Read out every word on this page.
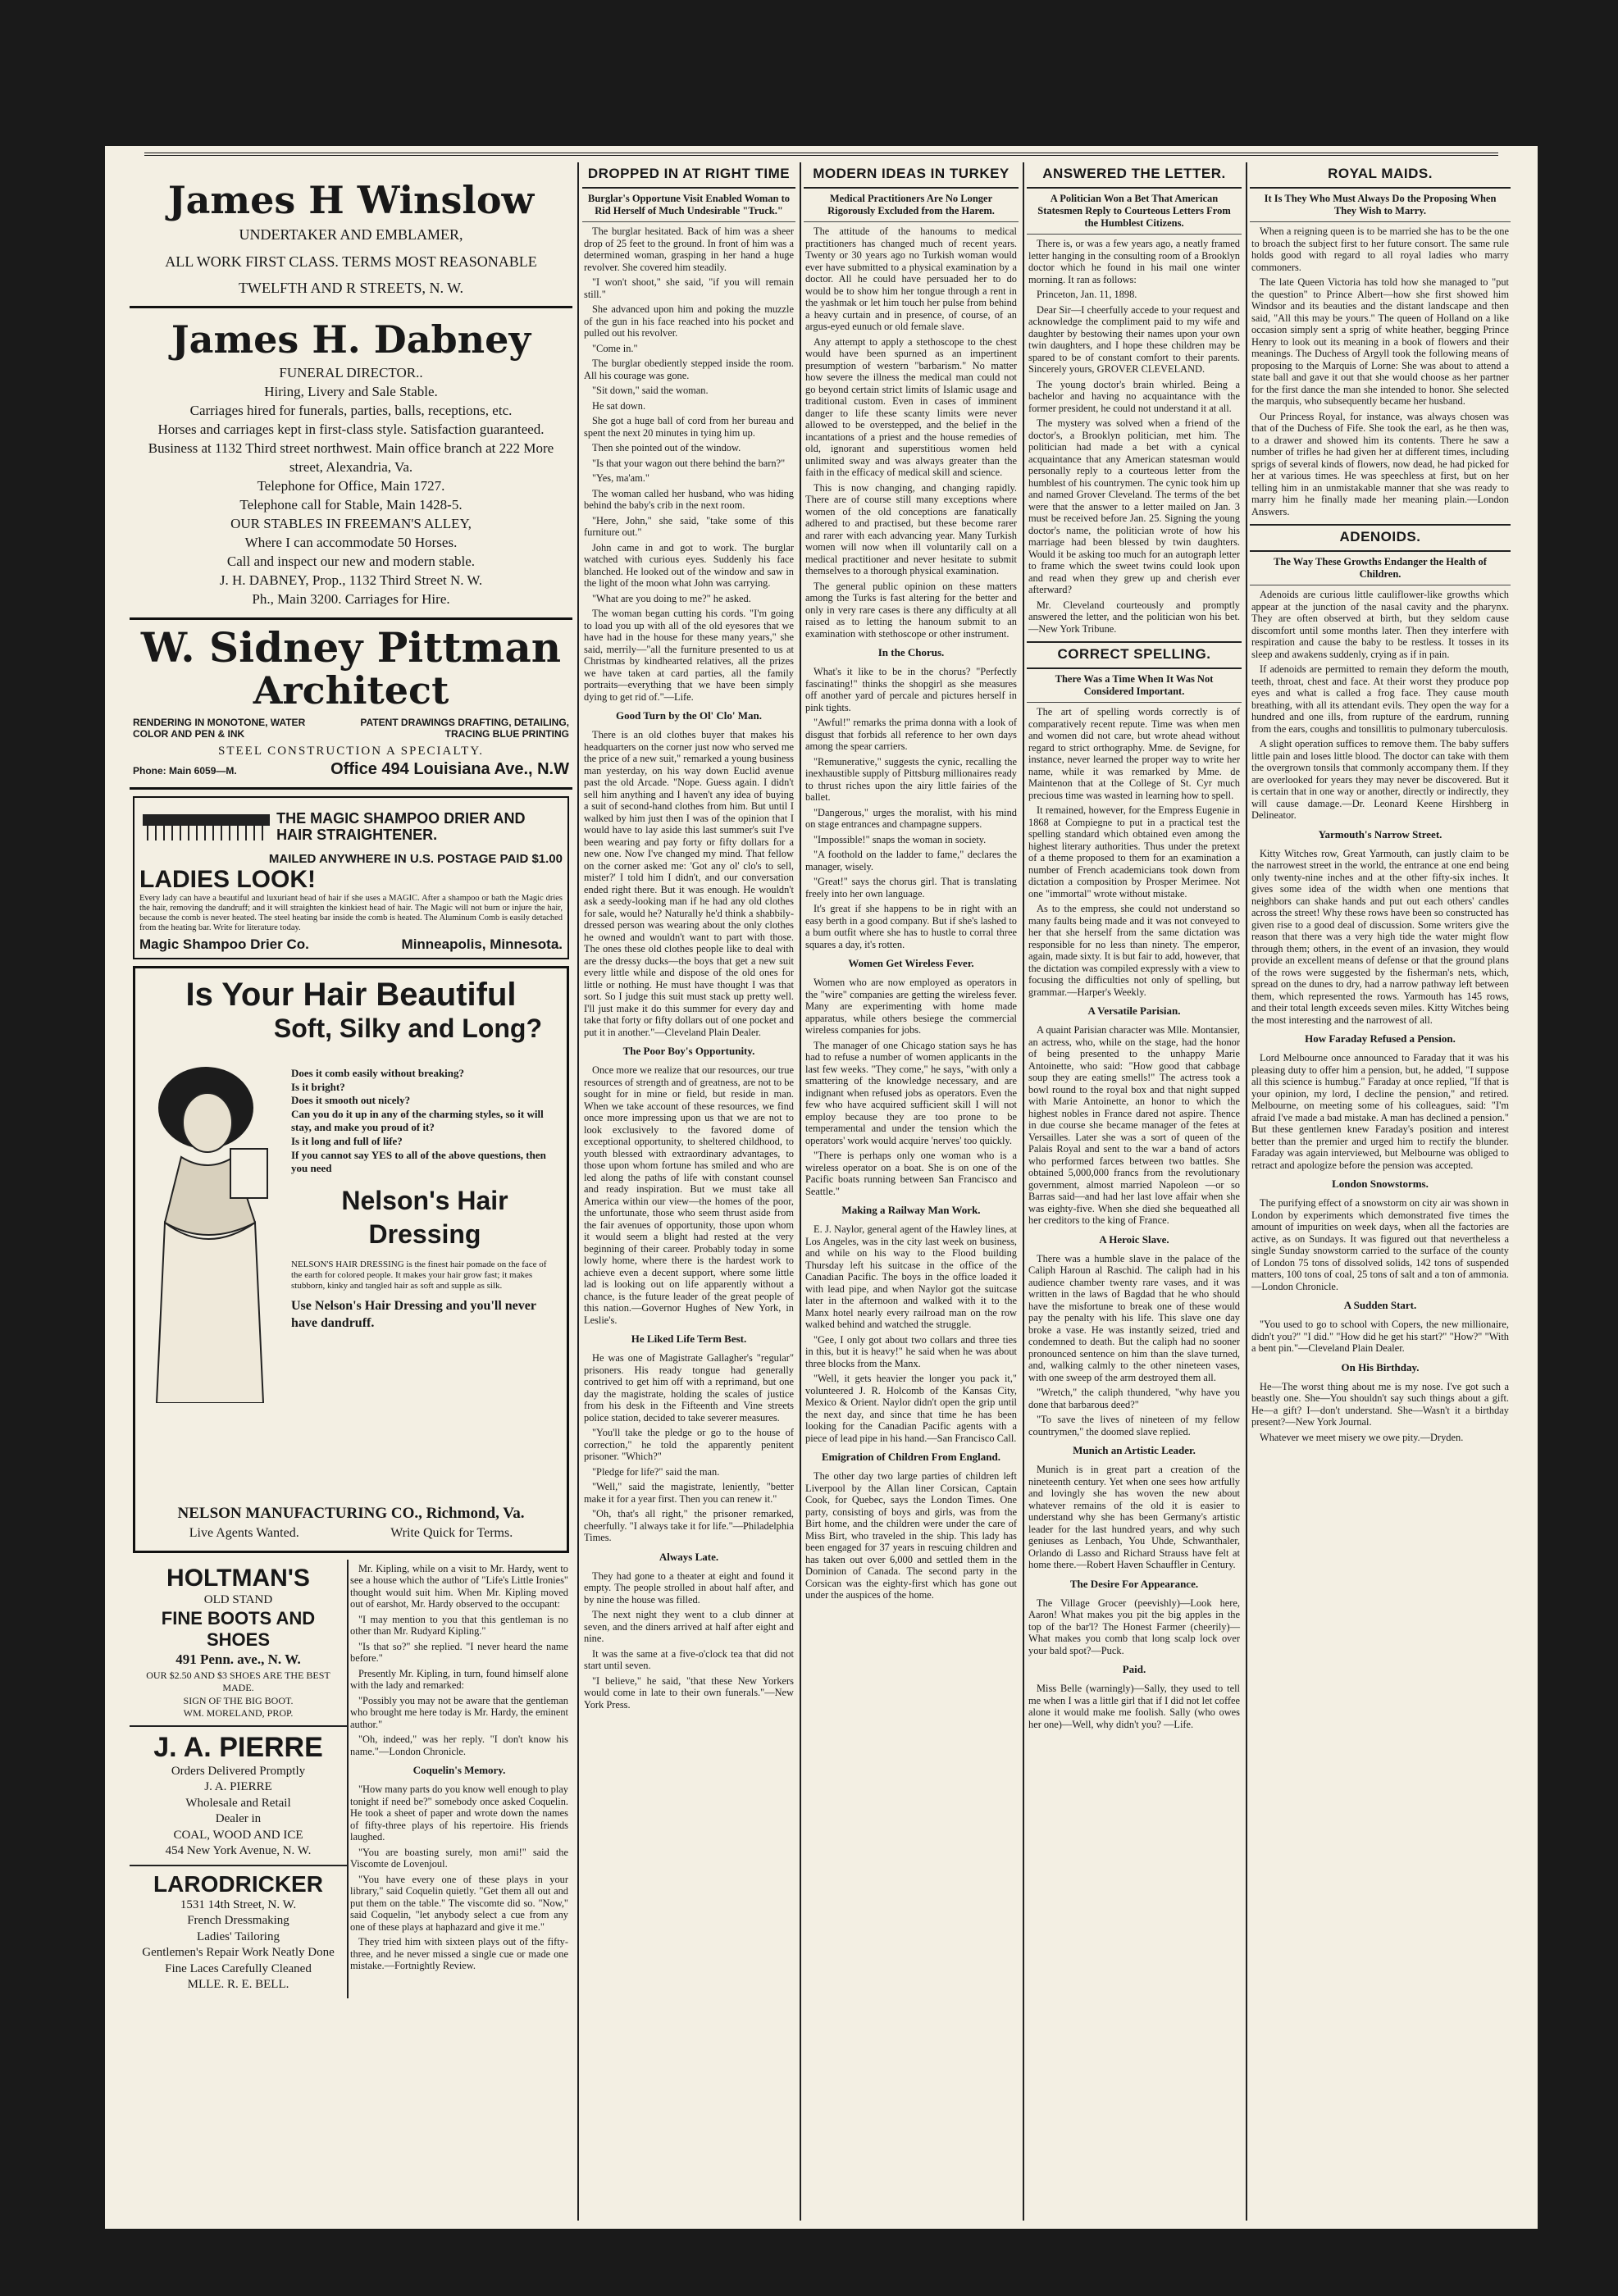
James H Winslow
UNDERTAKER AND EMBLAMER,
ALL WORK FIRST CLASS. TERMS MOST REASONABLE
TWELFTH AND R STREETS, N. W.
James H. Dabney
FUNERAL DIRECTOR..
Hiring, Livery and Sale Stable.
Carriages hired for funerals, parties, balls, receptions, etc.
Horses and carriages kept in first-class style. Satisfaction guaranteed. Business at 1132 Third street northwest. Main office branch at 222 More street, Alexandria, Va.
Telephone for Office, Main 1727.
Telephone call for Stable, Main 1428-5.
OUR STABLES IN FREEMAN'S ALLEY,
Where I can accommodate 50 Horses.
Call and inspect our new and modern stable.
J. H. DABNEY, Prop., 1132 Third Street N. W.
Ph., Main 3200. Carriages for Hire.
W. Sidney Pittman
Architect
RENDERING IN MONOTONE, WATER COLOR AND PEN & INK
PATENT DRAWINGS DRAFTING, DETAILING, TRACING BLUE PRINTING
STEEL CONSTRUCTION A SPECIALTY.
Phone: Main 6059—M.	Office 494 Louisiana Ave., N.W
THE MAGIC SHAMPOO DRIER AND HAIR STRAIGHTENER.
MAILED ANYWHERE IN U.S. POSTAGE PAID $1.00
LADIES LOOK!
Every lady can have a beautiful and luxuriant head of hair if she uses a MAGIC. After a shampoo or bath the Magic dries the hair, removing the dandruff; and it will straighten the kinkiest head of hair. The Magic will not burn or injure the hair, because the comb is never heated. The steel heating bar inside the comb is heated. The Aluminum Comb is easily detached from the heating bar. Write for literature today.
Magic Shampoo Drier Co.	Minneapolis, Minnesota.
Is Your Hair Beautiful
Soft, Silky and Long?
Does it comb easily without breaking?
Is it bright?
Does it smooth out nicely?
Can you do it up in any of the charming styles, so it will stay, and make you proud of it?
Is it long and full of life?
If you cannot say YES to all of the above questions, then you need
Nelson's Hair Dressing
NELSON'S HAIR DRESSING is the finest hair pomade on the face of the earth for colored people. It makes your hair grow fast; it makes stubborn, kinky and tangled hair as soft and supple as silk.
Use Nelson's Hair Dressing and you'll never have dandruff.
NELSON MANUFACTURING CO., Richmond, Va.
Live Agents Wanted.	Write Quick for Terms.
HOLTMAN'S
OLD STAND
FINE BOOTS AND SHOES
491 Penn. ave., N. W.
OUR $2.50 AND $3 SHOES ARE THE BEST MADE.
SIGN OF THE BIG BOOT.
WM. MORELAND, PROP.
J. A. PIERRE
Orders Delivered Promptly
J. A. PIERRE
Wholesale and Retail
Dealer in
COAL, WOOD AND ICE
454 New York Avenue, N. W.
LARODRICKER
1531 14th Street, N. W.
French Dressmaking
Ladies' Tailoring
Gentlemen's Repair Work Neatly Done
Fine Laces Carefully Cleaned
MLLE. R. E. BELL.
Mr. Kipling, while on a visit to Mr. Hardy, went to see a house which the author of "Life's Little Ironies" thought would suit him. When Mr. Kipling moved out of earshot, Mr. Hardy observed to the occupant:
"I may mention to you that this gentleman is no other than Mr. Rudyard Kipling."
"Is that so?" she replied. "I never heard the name before."
Presently Mr. Kipling, in turn, found himself alone with the lady and remarked:
"Possibly you may not be aware that the gentleman who brought me here today is Mr. Hardy, the eminent author."
"Oh, indeed," was her reply. "I don't know his name."—London Chronicle.
Coquelin's Memory.
"How many parts do you know well enough to play tonight if need be?" somebody once asked Coquelin. He took a sheet of paper and wrote down the names of fifty-three plays of his repertoire. His friends laughed.
"You are boasting surely, mon ami!" said the Viscomte de Lovenjoul.
"You have every one of these plays in your library," said Coquelin quietly. "Get them all out and put them on the table." The viscomte did so. "Now," said Coquelin, "let anybody select a cue from any one of these plays at haphazard and give it me."
They tried him with sixteen plays out of the fifty-three, and he never missed a single cue or made one mistake.—Fortnightly Review.
DROPPED IN AT RIGHT TIME
Burglar's Opportune Visit Enabled Woman to Rid Herself of Much Undesirable "Truck."
The burglar hesitated. Back of him was a sheer drop of 25 feet to the ground. In front of him was a determined woman, grasping in her hand a huge revolver. She covered him steadily.
"I won't shoot," she said, "if you will remain still."
She advanced upon him and poking the muzzle of the gun in his face reached into his pocket and pulled out his revolver.
"Come in."
The burglar obediently stepped inside the room. All his courage was gone.
"Sit down," said the woman.
He sat down.
She got a huge ball of cord from her bureau and spent the next 20 minutes in tying him up.
Then she pointed out of the window.
"Is that your wagon out there behind the barn?"
"Yes, ma'am."
The woman called her husband, who was hiding behind the baby's crib in the next room.
"Here, John," she said, "take some of this furniture out."
John came in and got to work. The burglar watched with curious eyes. Suddenly his face blanched. He looked out of the window and saw in the light of the moon what John was carrying.
"What are you doing to me?" he asked.
The woman began cutting his cords. "I'm going to load you up with all of the old eyesores that we have had in the house for these many years," she said, merrily—"all the furniture presented to us at Christmas by kindhearted relatives, all the prizes we have taken at card parties, all the family portraits—everything that we have been simply dying to get rid of."—Life.
Good Turn by the Ol' Clo' Man.
There is an old clothes buyer that makes his headquarters on the corner just now who served me the price of a new suit," remarked a young business man yesterday, on his way down Euclid avenue past the old Arcade. "Nope. Guess again. I didn't sell him anything and I haven't any idea of buying a suit of second-hand clothes from him. But until I walked by him just then I was of the opinion that I would have to lay aside this last summer's suit I've been wearing and pay forty or fifty dollars for a new one. Now I've changed my mind. That fellow on the corner asked me: 'Got any ol' clo's to sell, mister?' I told him I didn't, and our conversation ended right there. But it was enough. He wouldn't ask a seedy-looking man if he had any old clothes for sale, would he? Naturally he'd think a shabbily-dressed person was wearing about the only clothes he owned and wouldn't want to part with those. The ones these old clothes people like to deal with are the dressy ducks—the boys that get a new suit every little while and dispose of the old ones for little or nothing. He must have thought I was that sort. So I judge this suit must stack up pretty well. I'll just make it do this summer for every day and take that forty or fifty dollars out of one pocket and put it in another."—Cleveland Plain Dealer.
The Poor Boy's Opportunity.
Once more we realize that our resources, our true resources of strength and of greatness, are not to be sought for in mine or field, but reside in man. When we take account of these resources, we find once more impressing upon us that we are not to look exclusively to the favored dome of exceptional opportunity, to sheltered childhood, to youth blessed with extraordinary advantages, to those upon whom fortune has smiled and who are led along the paths of life with constant counsel and ready inspiration. But we must take all America within our view—the homes of the poor, the unfortunate, those who seem thrust aside from the fair avenues of opportunity, those upon whom it would seem a blight had rested at the very beginning of their career. Probably today in some lowly home, where there is the hardest work to achieve even a decent support, where some little lad is looking out on life apparently without a chance, is the future leader of the great people of this nation.—Governor Hughes of New York, in Leslie's.
He Liked Life Term Best.
He was one of Magistrate Gallagher's "regular" prisoners. His ready tongue had generally contrived to get him off with a reprimand, but one day the magistrate, holding the scales of justice from his desk in the Fifteenth and Vine streets police station, decided to take severer measures.
"You'll take the pledge or go to the house of correction," he told the apparently penitent prisoner. "Which?"
"Pledge for life?" said the man.
"Well," said the magistrate, leniently, "better make it for a year first. Then you can renew it."
"Oh, that's all right," the prisoner remarked, cheerfully. "I always take it for life."—Philadelphia Times.
Always Late.
They had gone to a theater at eight and found it empty. The people strolled in about half after, and by nine the house was filled.
The next night they went to a club dinner at seven, and the diners arrived at half after eight and nine.
It was the same at a five-o'clock tea that did not start until seven.
"I believe," he said, "that these New Yorkers would come in late to their own funerals."—New York Press.
MODERN IDEAS IN TURKEY
Medical Practitioners Are No Longer Rigorously Excluded from the Harem.
The attitude of the hanoums to medical practitioners has changed much of recent years. Twenty or 30 years ago no Turkish woman would ever have submitted to a physical examination by a doctor. All he could have persuaded her to do would be to show him her tongue through a rent in the yashmak or let him touch her pulse from behind a heavy curtain and in presence, of course, of an argus-eyed eunuch or old female slave.
Any attempt to apply a stethoscope to the chest would have been spurned as an impertinent presumption of western "barbarism." No matter how severe the illness the medical man could not go beyond certain strict limits of Islamic usage and traditional custom. Even in cases of imminent danger to life these scanty limits were never allowed to be overstepped, and the belief in the incantations of a priest and the house remedies of old, ignorant and superstitious women held unlimited sway and was always greater than the faith in the efficacy of medical skill and science.
This is now changing, and changing rapidly. There are of course still many exceptions where women of the old conceptions are fanatically adhered to and practised, but these become rarer and rarer with each advancing year. Many Turkish women will now when ill voluntarily call on a medical practitioner and never hesitate to submit themselves to a thorough physical examination.
The general public opinion on these matters among the Turks is fast altering for the better and only in very rare cases is there any difficulty at all raised as to letting the hanoum submit to an examination with stethoscope or other instrument.
In the Chorus.
What's it like to be in the chorus? "Perfectly fascinating!" thinks the shopgirl as she measures off another yard of percale and pictures herself in pink tights.
"Awful!" remarks the prima donna with a look of disgust that forbids all reference to her own days among the spear carriers.
"Remunerative," suggests the cynic, recalling the inexhaustible supply of Pittsburg millionaires ready to thrust riches upon the airy little fairies of the ballet.
"Dangerous," urges the moralist, with his mind on stage entrances and champagne suppers.
"Impossible!" snaps the woman in society.
"A foothold on the ladder to fame," declares the manager, wisely.
"Great!" says the chorus girl. That is translating freely into her own language.
It's great if she happens to be in right with an easy berth in a good company. But if she's lashed to a bum outfit where she has to hustle to corral three squares a day, it's rotten.
Women Get Wireless Fever.
Women who are now employed as operators in the "wire" companies are getting the wireless fever. Many are experimenting with home made apparatus, while others besiege the commercial wireless companies for jobs.
The manager of one Chicago station says he has had to refuse a number of women applicants in the last few weeks. "They come," he says, "with only a smattering of the knowledge necessary, and are indignant when refused jobs as operators. Even the few who have acquired sufficient skill I will not employ because they are too prone to be temperamental and under the tension which the operators' work would acquire 'nerves' too quickly.
"There is perhaps only one woman who is a wireless operator on a boat. She is on one of the Pacific boats running between San Francisco and Seattle."
Making a Railway Man Work.
E. J. Naylor, general agent of the Hawley lines, at Los Angeles, was in the city last week on business, and while on his way to the Flood building Thursday left his suitcase in the office of the Canadian Pacific. The boys in the office loaded it with lead pipe, and when Naylor got the suitcase later in the afternoon and walked with it to the Manx hotel nearly every railroad man on the row walked behind and watched the struggle.
"Gee, I only got about two collars and three ties in this, but it is heavy!" he said when he was about three blocks from the Manx.
"Well, it gets heavier the longer you pack it," volunteered J. R. Holcomb of the Kansas City, Mexico & Orient. Naylor didn't open the grip until the next day, and since that time he has been looking for the Canadian Pacific agents with a piece of lead pipe in his hand.—San Francisco Call.
Emigration of Children From England.
The other day two large parties of children left Liverpool by the Allan liner Corsican, Captain Cook, for Quebec, says the London Times. One party, consisting of boys and girls, was from the Birt home, and the children were under the care of Miss Birt, who traveled in the ship. This lady has been engaged for 37 years in rescuing children and has taken out over 6,000 and settled them in the Dominion of Canada. The second party in the Corsican was the eighty-first which has gone out under the auspices of the home.
ANSWERED THE LETTER.
A Politician Won a Bet That American Statesmen Reply to Courteous Letters From the Humblest Citizens.
There is, or was a few years ago, a neatly framed letter hanging in the consulting room of a Brooklyn doctor which he found in his mail one winter morning. It ran as follows:
Princeton, Jan. 11, 1898.
Dear Sir—I cheerfully accede to your request and acknowledge the compliment paid to my wife and daughter by bestowing their names upon your own twin daughters, and I hope these children may be spared to be of constant comfort to their parents. Sincerely yours, GROVER CLEVELAND.
The young doctor's brain whirled. Being a bachelor and having no acquaintance with the former president, he could not understand it at all.
The mystery was solved when a friend of the doctor's, a Brooklyn politician, met him. The politician had made a bet with a cynical acquaintance that any American statesman would personally reply to a courteous letter from the humblest of his countrymen. The cynic took him up and named Grover Cleveland. The terms of the bet were that the answer to a letter mailed on Jan. 3 must be received before Jan. 25. Signing the young doctor's name, the politician wrote of how his marriage had been blessed by twin daughters. Would it be asking too much for an autograph letter to frame which the sweet twins could look upon and read when they grew up and cherish ever afterward?
Mr. Cleveland courteously and promptly answered the letter, and the politician won his bet.—New York Tribune.
CORRECT SPELLING.
There Was a Time When It Was Not Considered Important.
The art of spelling words correctly is of comparatively recent repute. Time was when men and women did not care, but wrote ahead without regard to strict orthography. Mme. de Sevigne, for instance, never learned the proper way to write her name, while it was remarked by Mme. de Maintenon that at the College of St. Cyr much precious time was wasted in learning how to spell.
It remained, however, for the Empress Eugenie in 1868 at Compiegne to put in a practical test the spelling standard which obtained even among the highest literary authorities. Thus under the pretext of a theme proposed to them for an examination a number of French academicians took down from dictation a composition by Prosper Merimee. Not one "immortal" wrote without mistake.
As to the empress, she could not understand so many faults being made and it was not conveyed to her that she herself from the same dictation was responsible for no less than ninety. The emperor, again, made sixty. It is but fair to add, however, that the dictation was compiled expressly with a view to focusing the difficulties not only of spelling, but grammar.—Harper's Weekly.
A Versatile Parisian.
A quaint Parisian character was Mlle. Montansier, an actress, who, while on the stage, had the honor of being presented to the unhappy Marie Antoinette, who said: "How good that cabbage soup they are eating smells!" The actress took a bowl round to the royal box and that night supped with Marie Antoinette, an honor to which the highest nobles in France dared not aspire. Thence in due course she became manager of the fetes at Versailles. Later she was a sort of queen of the Palais Royal and sent to the war a band of actors who performed farces between two battles. She obtained 5,000,000 francs from the revolutionary government, almost married Napoleon —or so Barras said—and had her last love affair when she was eighty-five. When she died she bequeathed all her creditors to the king of France.
A Heroic Slave.
There was a humble slave in the palace of the Caliph Haroun al Raschid. The caliph had in his audience chamber twenty rare vases, and it was written in the laws of Bagdad that he who should have the misfortune to break one of these would pay the penalty with his life. This slave one day broke a vase. He was instantly seized, tried and condemned to death. But the caliph had no sooner pronounced sentence on him than the slave turned, and, walking calmly to the other nineteen vases, with one sweep of the arm destroyed them all.
"Wretch," the caliph thundered, "why have you done that barbarous deed?"
"To save the lives of nineteen of my fellow countrymen," the doomed slave replied.
Munich an Artistic Leader.
Munich is in great part a creation of the nineteenth century. Yet when one sees how artfully and lovingly she has woven the new about whatever remains of the old it is easier to understand why she has been Germany's artistic leader for the last hundred years, and why such geniuses as Lenbach, You Uhde, Schwanthaler, Orlando di Lasso and Richard Strauss have felt at home there.—Robert Haven Schauffler in Century.
The Desire For Appearance.
The Village Grocer (peevishly)—Look here, Aaron! What makes you pit the big apples in the top of the bar'l? The Honest Farmer (cheerily)—What makes you comb that long scalp lock over your bald spot?—Puck.
Paid.
Miss Belle (warningly)—Sally, they used to tell me when I was a little girl that if I did not let coffee alone it would make me foolish. Sally (who owes her one)—Well, why didn't you? —Life.
ROYAL MAIDS.
It Is They Who Must Always Do the Proposing When They Wish to Marry.
When a reigning queen is to be married she has to be the one to broach the subject first to her future consort. The same rule holds good with regard to all royal ladies who marry commoners.
The late Queen Victoria has told how she managed to "put the question" to Prince Albert—how she first showed him Windsor and its beauties and the distant landscape and then said, "All this may be yours." The queen of Holland on a like occasion simply sent a sprig of white heather, begging Prince Henry to look out its meaning in a book of flowers and their meanings. The Duchess of Argyll took the following means of proposing to the Marquis of Lorne: She was about to attend a state ball and gave it out that she would choose as her partner for the first dance the man she intended to honor. She selected the marquis, who subsequently became her husband.
Our Princess Royal, for instance, was always chosen was that of the Duchess of Fife. She took the earl, as he then was, to a drawer and showed him its contents. There he saw a number of trifles he had given her at different times, including sprigs of several kinds of flowers, now dead, he had picked for her at various times. He was speechless at first, but on her telling him in an unmistakable manner that she was ready to marry him he finally made her meaning plain.—London Answers.
ADENOIDS.
The Way These Growths Endanger the Health of Children.
Adenoids are curious little cauliflower-like growths which appear at the junction of the nasal cavity and the pharynx. They are often observed at birth, but they seldom cause discomfort until some months later. Then they interfere with respiration and cause the baby to be restless. It tosses in its sleep and awakens suddenly, crying as if in pain.
If adenoids are permitted to remain they deform the mouth, teeth, throat, chest and face. At their worst they produce pop eyes and what is called a frog face. They cause mouth breathing, with all its attendant evils. They open the way for a hundred and one ills, from rupture of the eardrum, running from the ears, coughs and tonsillitis to pulmonary tuberculosis.
A slight operation suffices to remove them. The baby suffers little pain and loses little blood. The doctor can take with them the overgrown tonsils that commonly accompany them. If they are overlooked for years they may never be discovered. But it is certain that in one way or another, directly or indirectly, they will cause damage.—Dr. Leonard Keene Hirshberg in Delineator.
Yarmouth's Narrow Street.
Kitty Witches row, Great Yarmouth, can justly claim to be the narrowest street in the world, the entrance at one end being only twenty-nine inches and at the other fifty-six inches. It gives some idea of the width when one mentions that neighbors can shake hands and put out each others' candles across the street! Why these rows have been so constructed has given rise to a good deal of discussion. Some writers give the reason that there was a very high tide the water might flow through them; others, in the event of an invasion, they would provide an excellent means of defense or that the ground plans of the rows were suggested by the fisherman's nets, which, spread on the dunes to dry, had a narrow pathway left between them, which represented the rows. Yarmouth has 145 rows, and their total length exceeds seven miles. Kitty Witches being the most interesting and the narrowest of all.
How Faraday Refused a Pension.
Lord Melbourne once announced to Faraday that it was his pleasing duty to offer him a pension, but, he added, "I suppose all this science is humbug." Faraday at once replied, "If that is your opinion, my lord, I decline the pension," and retired. Melbourne, on meeting some of his colleagues, said: "I'm afraid I've made a bad mistake. A man has declined a pension." But these gentlemen knew Faraday's position and interest better than the premier and urged him to rectify the blunder. Faraday was again interviewed, but Melbourne was obliged to retract and apologize before the pension was accepted.
London Snowstorms.
The purifying effect of a snowstorm on city air was shown in London by experiments which demonstrated five times the amount of impurities on week days, when all the factories are active, as on Sundays. It was figured out that nevertheless a single Sunday snowstorm carried to the surface of the county of London 75 tons of dissolved solids, 142 tons of suspended matters, 100 tons of coal, 25 tons of salt and a ton of ammonia.—London Chronicle.
A Sudden Start.
"You used to go to school with Copers, the new millionaire, didn't you?" "I did." "How did he get his start?" "How?" "With a bent pin."—Cleveland Plain Dealer.
On His Birthday.
He—The worst thing about me is my nose. I've got such a beastly one. She—You shouldn't say such things about a gift. He—a gift? I—don't understand. She—Wasn't it a birthday present?—New York Journal.
Whatever we meet misery we owe pity.—Dryden.
